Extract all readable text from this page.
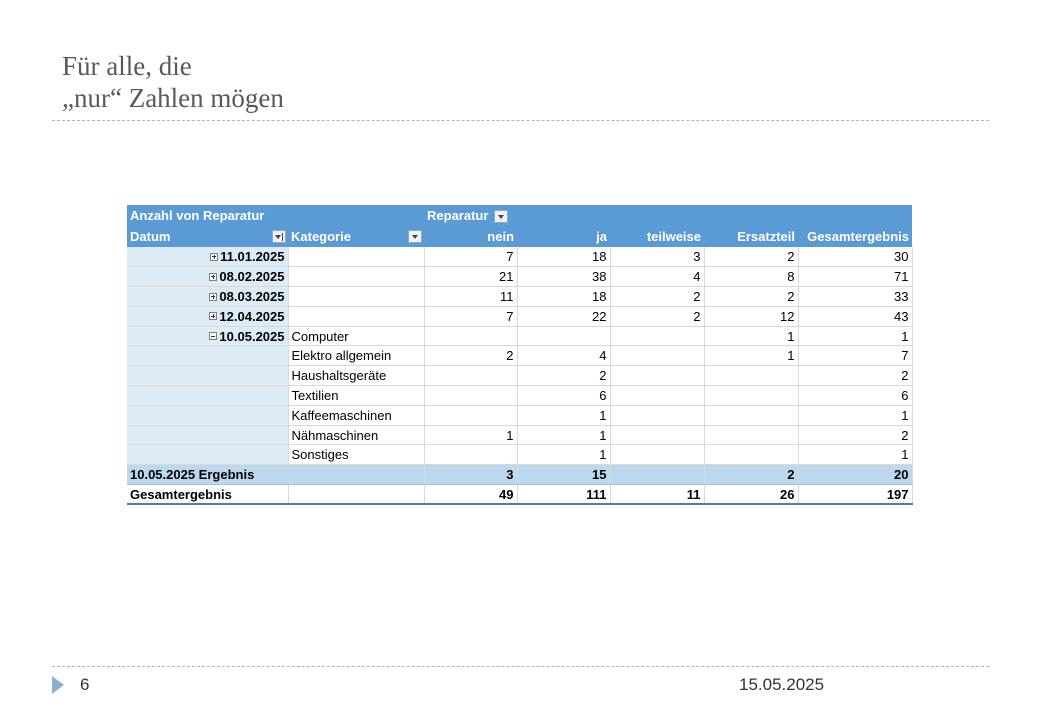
Für alle, die
„nur“ Zahlen mögen
Anzahl von Reparatur		Reparatur				
Datum	Kategorie	nein	ja	teilweise	Ersatzteil	Gesamtergebnis
11.01.2025		7	18	3	2	30
08.02.2025		21	38	4	8	71
08.03.2025		11	18	2	2	33
12.04.2025		7	22	2	12	43
10.05.2025	Computer				1	1
	Elektro allgemein	2	4		1	7
	Haushaltsgeräte		2			2
	Textilien		6			6
	Kaffeemaschinen		1			1
	Nähmaschinen	1	1			2
	Sonstiges		1			1
10.05.2025 Ergebnis		3	15		2	20
Gesamtergebnis		49	111	11	26	197
6	15.05.2025
